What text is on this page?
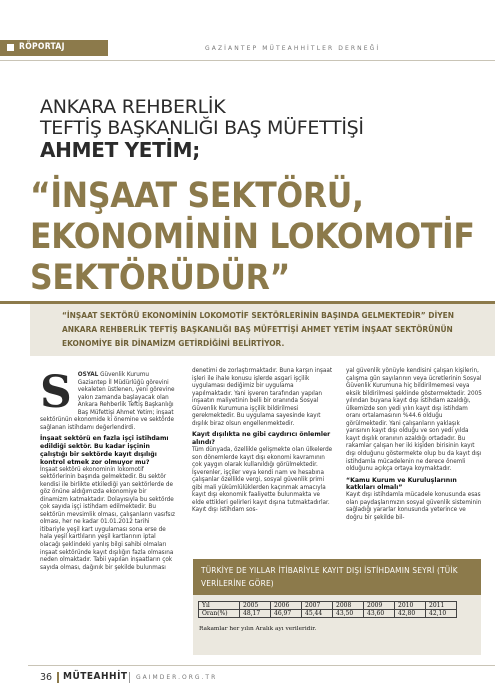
RÖPORTAJ	GAZİANTEP MÜTEAHHİTLER DERNEĞİ
ANKARA REHBERLİK
TEFTİŞ BAŞKANLIĞI BAŞ MÜFETTİŞİ
AHMET YETİM;
“İNŞAAT SEKTÖRÜ, EKONOMİNİN LOKOMOTİF SEKTÖRÜDÜR”
“İNŞAAT SEKTÖRÜ EKONOMİNİN LOKOMOTİF SEKTÖRLERİNİN BAŞINDA GELMEKTEDİR” DİYEN ANKARA REHBERLİK TEFTİŞ BAŞKANLIĞI BAŞ MÜFETTİŞİ AHMET YETİM İNŞAAT SEKTÖRÜNÜN EKONOMİYE BİR DİNAMİZM GETİRDİĞİNİ BELİRTİYOR.
S	OSYAL Güvenlik Kurumu Gaziantep İl Müdürlüğü görevini vekaleten üstlenen, yeni görevine yakın zamanda başlayacak olan Ankara Rehberlik Teftiş Başkanlığı Baş Müfettişi Ahmet Yetim; inşaat sektörünün ekonomide ki önemine ve sektörde sağlanan istihdamı değerlendirdi.

İnşaat sektörü en fazla işçi istihdamı edildiği sektör. Bu kadar işçinin çalıştığı bir sektörde kayıt dışılığı kontrol etmek zor olmuyor mu?

İnşaat sektörü ekonominin lokomotif sektörlerinin başında gelmektedir. Bu sektör kendisi ile birlikte etkilediği yan sektörlerde de göz önüne aldığımızda ekonomiye bir dinamizm katmaktadır. Dolayısıyla bu sektörde çok sayıda işçi istihdam edilmektedir. Bu sektörün mevsimlik olması, çalışanların vasıfsız olması, her ne kadar 01.01.2012 tarihi itibariyle yeşil kart uygulaması sona erse de hala yeşil kartlıların yeşil kartlarının iptal olacağı şeklindeki yanlış bilgi sahibi olmaları inşaat sektöründe kayıt dışılığın fazla olmasına neden olmaktadır. Tabii yapılan inşaatların çok sayıda olması, dağınık bir şekilde bulunması

denetimi de zorlaştırmaktadır. Buna karşın inşaat işleri ile ihale konusu işlerde asgari işçilik uygulaması dediğimiz bir uygulama yapılmaktadır. Yani işveren tarafından yapılan inşaatın maliyetinin belli bir oranında Sosyal Güvenlik Kurumuna işçilik bildirilmesi gerekmektedir. Bu uygulama sayesinde kayıt dışılık biraz olsun engellenmektedir.

Kayıt dışılıkta ne gibi caydırıcı önlemler alındı?

Tüm dünyada, özellikle gelişmekte olan ülkelerde son dönemlerde kayıt dışı ekonomi kavramının çok yaygın olarak kullanıldığı görülmektedir. İşverenler, işçiler veya kendi nam ve hesabına çalışanlar özellikle vergi, sosyal güvenlik primi gibi mali yükümlülüklerden kaçınmak amacıyla kayıt dışı ekonomik faaliyette bulunmakta ve elde ettikleri gelirleri kayıt dışına tutmaktadırlar. Kayıt dışı istihdam sos-

yal güvenlik yönüyle kendisini çalışan kişilerin, çalışma gün sayılarının veya ücretlerinin Sosyal Güvenlik Kurumuna hiç bildirilmemesi veya eksik bildirilmesi şeklinde göstermektedir. 2005 yılından buyana kayıt dışı istihdam azaldığı, ülkemizde son yedi yılın kayıt dışı istihdam oranı ortalamasının %44.6 olduğu görülmektedir. Yani çalışanların yaklaşık yarısının kayıt dışı olduğu ve son yedi yılda kayıt dışılık oranının azaldığı ortadadır. Bu rakamlar çalışan her iki kişiden birisinin kayıt dışı olduğunu göstermekte olup bu da kayıt dışı istihdamla mücadelenin ne derece önemli olduğunu açıkça ortaya koymaktadır.

“Kamu Kurum ve Kuruluşlarının katkıları olmalı”

Kayıt dışı istihdamla mücadele konusunda esas olan paydaşlarımızın sosyal güvenlik sisteminin sağladığı yararlar konusunda yeterince ve doğru bir şekilde bil-

TÜRKİYE DE YILLAR İTİBARİYLE KAYIT DIŞI İSTİHDAMIN SEYRİ (TÜİK VERİLERİNE GÖRE)
Yıl	2005	2006	2007	2008	2009	2010	2011
Oran(%)	48,17	46,97	45,44	43,50	43,60	42,80	42,10
Rakamlar her yılın Aralık ayı verileridir.
36 MÜTEAHHİT GAIMDER.ORG.TR
